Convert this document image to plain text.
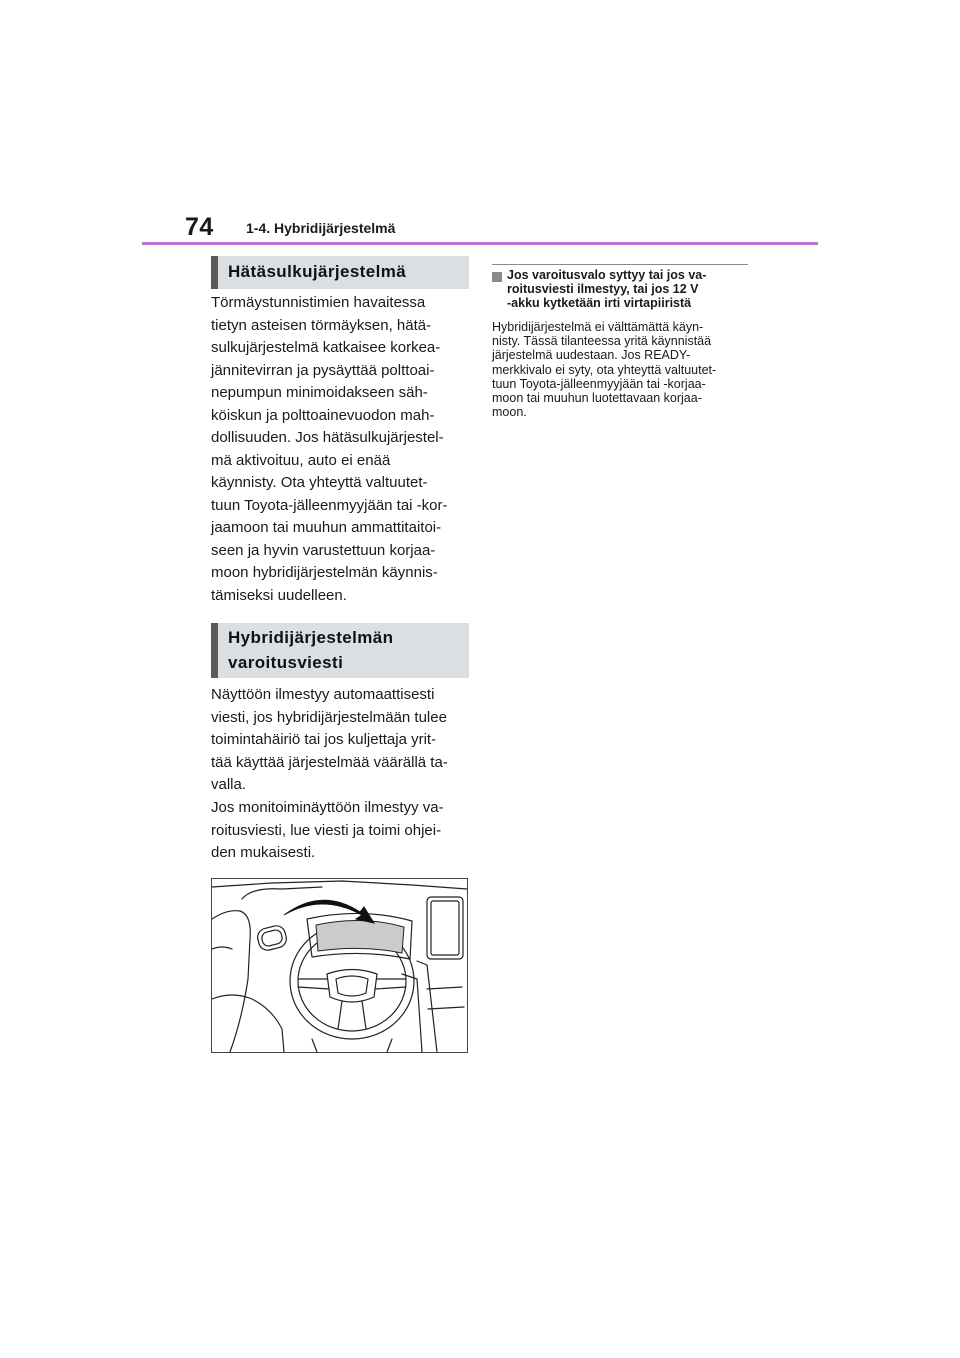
74 1-4. Hybridijärjestelmä
Hätäsulkujärjestelmä
Törmäystunnistimien havaitessa
tietyn asteisen törmäyksen, hätä-
sulkujärjestelmä katkaisee korkea-
jännitevirran ja pysäyttää polttoai-
nepumpun minimoidakseen säh-
köiskun ja polttoainevuodon mah-
dollisuuden. Jos hätäsulkujärjestel-
mä aktivoituu, auto ei enää
käynnisty. Ota yhteyttä valtuutet-
tuun Toyota-jälleenmyyjään tai -kor-
jaamoon tai muuhun ammattitaitoi-
seen ja hyvin varustettuun korjaa-
moon hybridijärjestelmän käynnis-
tämiseksi uudelleen.
Hybridijärjestelmän
varoitusviesti
Näyttöön ilmestyy automaattisesti
viesti, jos hybridijärjestelmään tulee
toimintahäiriö tai jos kuljettaja yrit-
tää käyttää järjestelmää väärällä ta-
valla.
Jos monitoiminäyttöön ilmestyy va-
roitusviesti, lue viesti ja toimi ohjei-
den mukaisesti.
Jos varoitusvalo syttyy tai jos va-
roitusviesti ilmestyy, tai jos 12 V
-akku kytketään irti virtapiiristä
Hybridijärjestelmä ei välttämättä käyn-
nisty. Tässä tilanteessa yritä käynnistää
järjestelmä uudestaan. Jos READY-
merkkivalo ei syty, ota yhteyttä valtuutet-
tuun Toyota-jälleenmyyjään tai -korjaa-
moon tai muuhun luotettavaan korjaa-
moon.
